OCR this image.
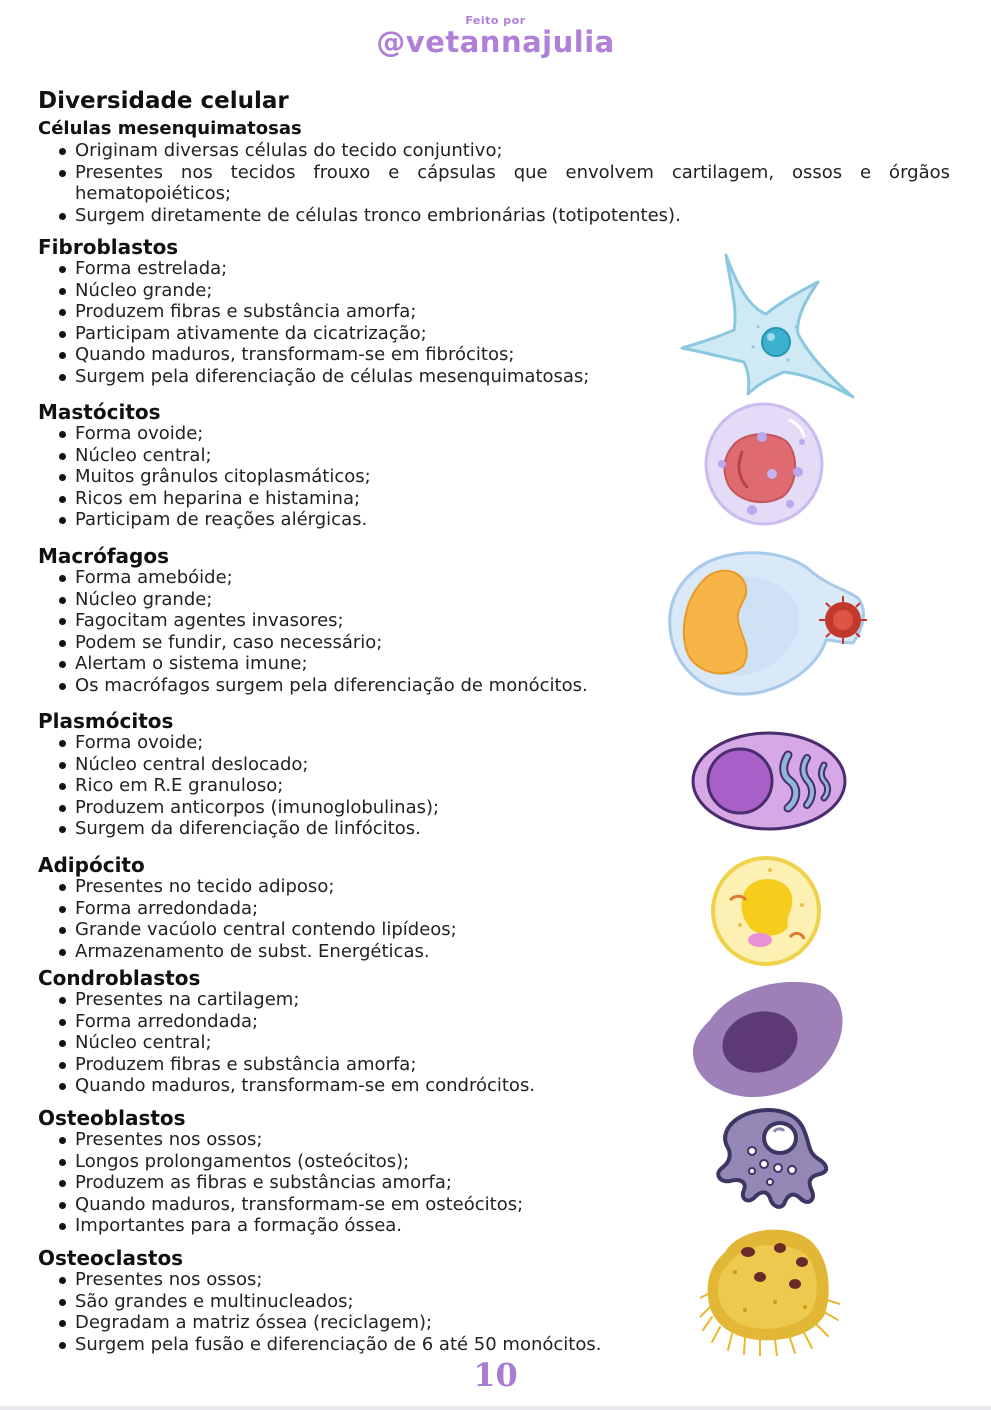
Feito por
@vetannajulia
Diversidade celular
Células mesenquimatosas
Originam diversas células do tecido conjuntivo;
Presentes nos tecidos frouxo e cápsulas que envolvem cartilagem, ossos e órgãos hematopoiéticos;
Surgem diretamente de células tronco embrionárias (totipotentes).
Fibroblastos
Forma estrelada;
Núcleo grande;
Produzem fibras e substância amorfa;
Participam ativamente da cicatrização;
Quando maduros, transformam-se em fibrócitos;
Surgem pela diferenciação de células mesenquimatosas;
Mastócitos
Forma ovoide;
Núcleo central;
Muitos grânulos citoplasmáticos;
Ricos em heparina e histamina;
Participam de reações alérgicas.
Macrófagos
Forma amebóide;
Núcleo grande;
Fagocitam agentes invasores;
Podem se fundir, caso necessário;
Alertam o sistema imune;
Os macrófagos surgem pela diferenciação de monócitos.
Plasmócitos
Forma ovoide;
Núcleo central deslocado;
Rico em R.E granuloso;
Produzem anticorpos (imunoglobulinas);
Surgem da diferenciação de linfócitos.
Adipócito
Presentes no tecido adiposo;
Forma arredondada;
Grande vacúolo central contendo lipídeos;
Armazenamento de subst. Energéticas.
Condroblastos
Presentes na cartilagem;
Forma arredondada;
Núcleo central;
Produzem fibras e substância amorfa;
Quando maduros, transformam-se em condrócitos.
Osteoblastos
Presentes nos ossos;
Longos prolongamentos (osteócitos);
Produzem as fibras e substâncias amorfa;
Quando maduros, transformam-se em osteócitos;
Importantes para a formação óssea.
Osteoclastos
Presentes nos ossos;
São grandes e multinucleados;
Degradam a matriz óssea (reciclagem);
Surgem pela fusão e diferenciação de 6 até 50 monócitos.
10
